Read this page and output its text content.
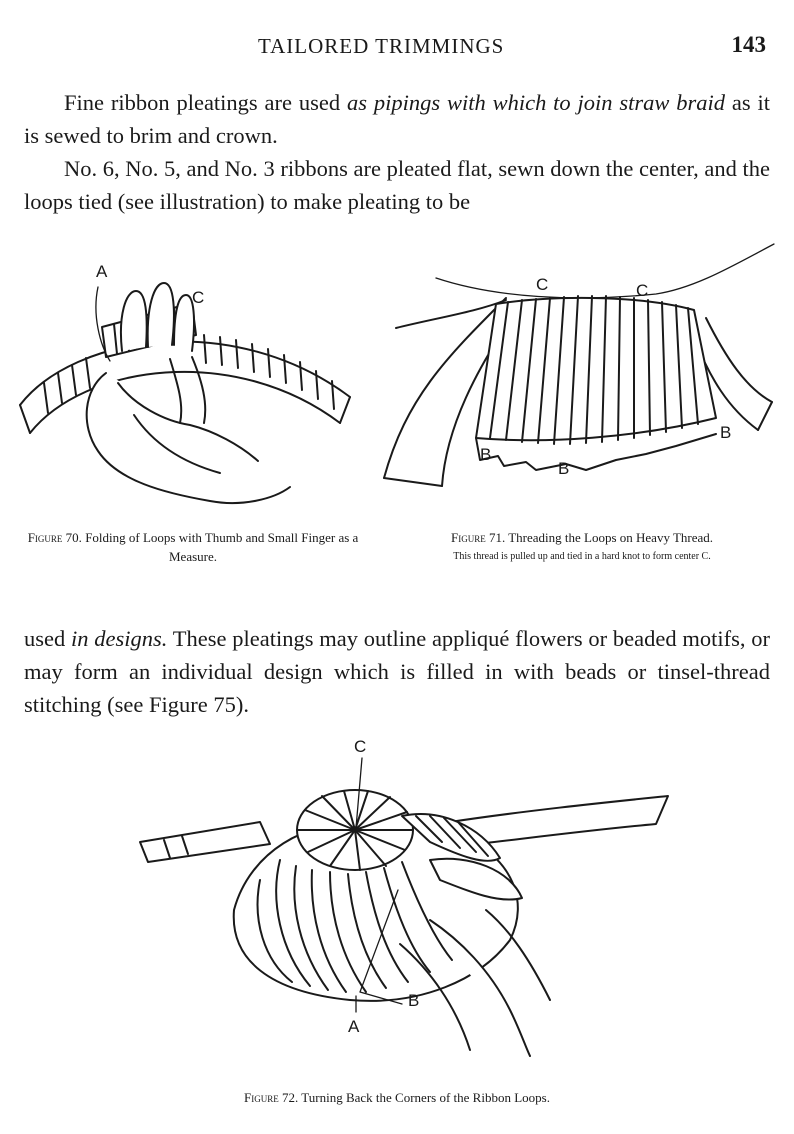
TAILORED TRIMMINGS	143

Fine ribbon pleatings are used as pipings with which to join straw braid as it is sewed to brim and crown.

No. 6, No. 5, and No. 3 ribbons are pleated flat, sewn down the center, and the loops tied (see illustration) to make pleating to be

A
C
Figure 70. Folding of Loops with Thumb and Small Finger as a Measure.
C	C
B
B
B
Figure 71. Threading the Loops on Heavy Thread.
This thread is pulled up and tied in a hard knot to form center C.

used in designs. These pleatings may outline appliqué flowers or beaded motifs, or may form an individual design which is filled in with beads or tinsel-thread stitching (see Figure 75).

C
B
A
Figure 72. Turning Back the Corners of the Ribbon Loops.
